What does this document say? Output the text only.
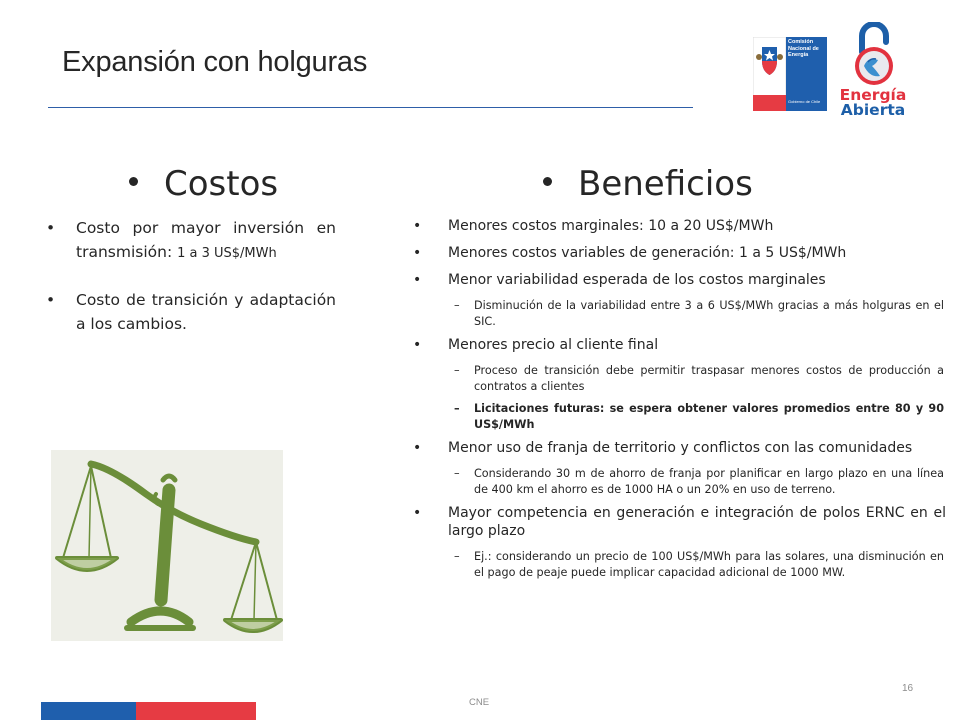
Expansión con holguras
Comisión
Nacional de
Energía
Gobierno de Chile Energía
Abierta
Costos
• Costo por mayor inversión en transmisión: 1 a 3 US$/MWh
• Costo de transición y adaptación a los cambios.
Beneficios
• Menores costos marginales: 10 a 20 US$/MWh
• Menores costos variables de generación: 1 a 5 US$/MWh
• Menor variabilidad esperada de los costos marginales
– Disminución de la variabilidad entre 3 a 6 US$/MWh gracias a más holguras en el SIC.
• Menores precio al cliente final
– Proceso de transición debe permitir traspasar menores costos de producción a contratos a clientes
– Licitaciones futuras: se espera obtener valores promedios entre 80 y 90 US$/MWh
• Menor uso de franja de territorio y conflictos con las comunidades
– Considerando 30 m de ahorro de franja por planificar en largo plazo en una línea de 400 km el ahorro es de 1000 HA o un 20% en uso de terreno.
• Mayor competencia en generación e integración de polos ERNC en el largo plazo
– Ej.: considerando un precio de 100 US$/MWh para las solares, una disminución en el pago de peaje puede implicar capacidad adicional de 1000 MW.
CNE
16
